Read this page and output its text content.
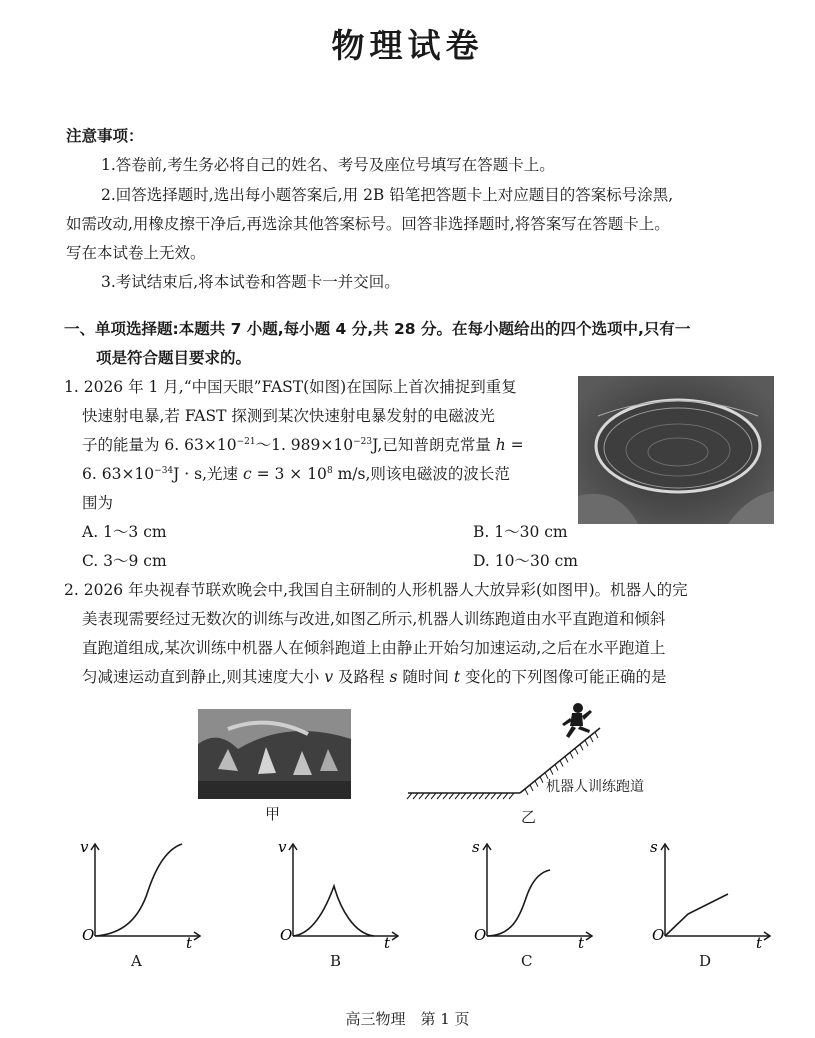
物理试卷
注意事项：
1.答卷前,考生务必将自己的姓名、考号及座位号填写在答题卡上。
2.回答选择题时,选出每小题答案后,用 2B 铅笔把答题卡上对应题目的答案标号涂黑,
如需改动,用橡皮擦干净后,再选涂其他答案标号。回答非选择题时,将答案写在答题卡上。
写在本试卷上无效。
3.考试结束后,将本试卷和答题卡一并交回。
一、单项选择题:本题共 7 小题,每小题 4 分,共 28 分。在每小题给出的四个选项中,只有一
项是符合题目要求的。
1. 2026 年 1 月,“中国天眼”FAST(如图)在国际上首次捕捉到重复
快速射电暴,若 FAST 探测到某次快速射电暴发射的电磁波光
子的能量为 6. $63\times 10^{-21}\sim 1$. $989\times 10^{-23}J$,已知普朗克常量 h =
6. $63\times 10^{-34}J \cdot s$,光速 $c = 3 \times 10^8$ m/s,则该电磁波的波长范
围为
A. 1～3 cm	B. 1～30 cm
C. 3～9 cm	D. 10～30 cm
2. 2026 年央视春节联欢晚会中,我国自主研制的人形机器人大放异彩(如图甲)。机器人的完
美表现需要经过无数次的训练与改进,如图乙所示,机器人训练跑道由水平直跑道和倾斜
直跑道组成,某次训练中机器人在倾斜跑道上由静止开始匀加速运动,之后在水平跑道上
匀减速运动直到静止,则其速度大小 v 及路程 s 随时间 t 变化的下列图像可能正确的是
甲
机器人训练跑道
乙
v
O	t
A
v
O	t
B
s
O	t
C
s
O	t
D
高三物理　第 1 页
